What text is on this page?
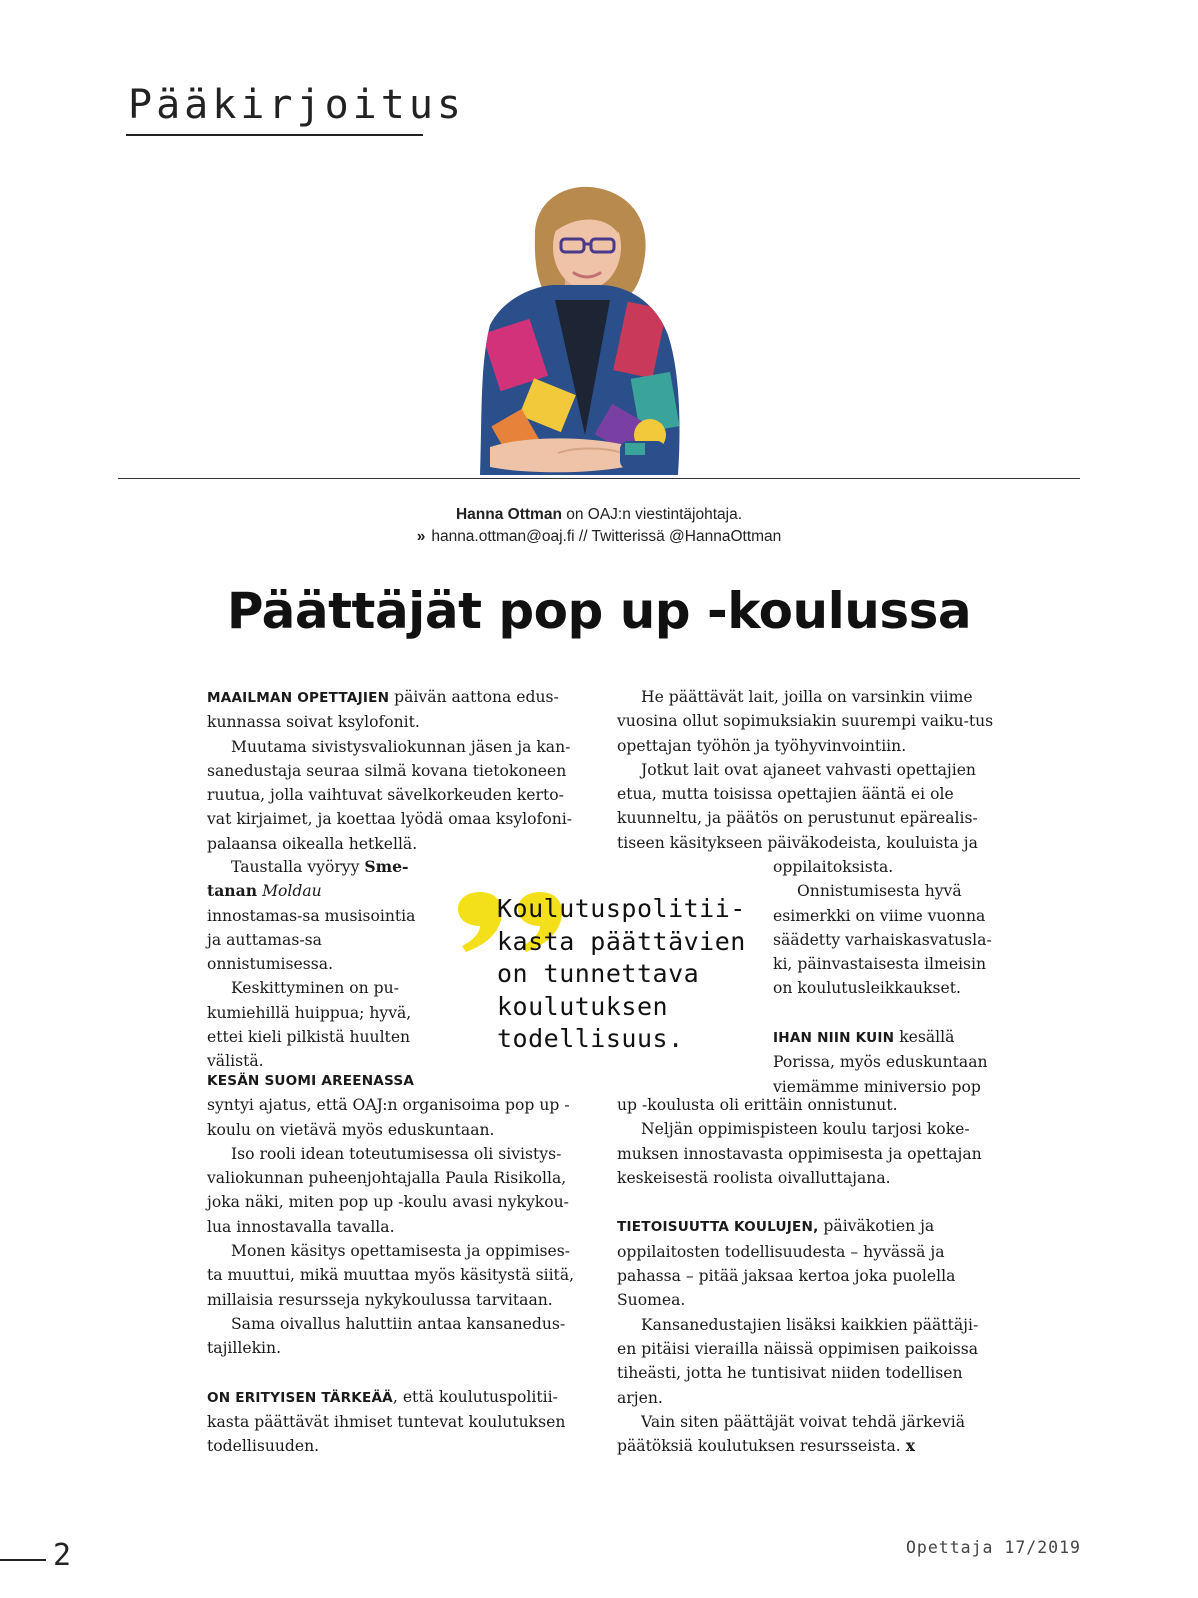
Pääkirjoitus
Hanna Ottman on OAJ:n viestintäjohtaja.
» hanna.ottman@oaj.fi // Twitterissä @HannaOttman
Päättäjät pop up -koulussa

MAAILMAN OPETTAJIEN päivän aattona edus-kunnassa soivat ksylofonit.

Muutama sivistysvaliokunnan jäsen ja kan-sanedustaja seuraa silmä kovana tietokoneen ruutua, jolla vaihtuvat sävelkorkeuden kerto-vat kirjaimet, ja koettaa lyödä omaa ksylofoni-palaansa oikealla hetkellä.

Taustalla vyöryy Sme-tanan Moldau innostamas-sa musisointia ja auttamas-sa onnistumisessa.

Keskittyminen on pu-kumiehillä huippua; hyvä, ettei kieli pilkistä huulten välistä.

KESÄN SUOMI AREENASSA

syntyi ajatus, että OAJ:n organisoima pop up -koulu on vietävä myös eduskuntaan.

Iso rooli idean toteutumisessa oli sivistys-valiokunnan puheenjohtajalla Paula Risikolla, joka näki, miten pop up -koulu avasi nykykou-lua innostavalla tavalla.

Monen käsitys opettamisesta ja oppimises-ta muuttui, mikä muuttaa myös käsitystä siitä, millaisia resursseja nykykoulussa tarvitaan.

Sama oivallus haluttiin antaa kansanedus-tajillekin.

ON ERITYISEN TÄRKEÄÄ, että koulutuspolitii-kasta päättävät ihmiset tuntevat koulutuksen todellisuuden.

He päättävät lait, joilla on varsinkin viime vuosina ollut sopimuksiakin suurempi vaiku-tus opettajan työhön ja työhyvinvointiin.

Jotkut lait ovat ajaneet vahvasti opettajien etua, mutta toisissa opettajien ääntä ei ole kuunneltu, ja päätös on perustunut epärealis-tiseen käsitykseen päiväkodeista, kouluista ja

oppilaitoksista.

Onnistumisesta hyvä esimerkki on viime vuonna säädetty varhaiskasvatusla-ki, päinvastaisesta ilmeisin on koulutusleikkaukset.

IHAN NIIN KUIN kesällä Porissa, myös eduskuntaan viemämme miniversio pop

up -koulusta oli erittäin onnistunut.

Neljän oppimispisteen koulu tarjosi koke-muksen innostavasta oppimisesta ja opettajan keskeisestä roolista oivalluttajana.

TIETOISUUTTA KOULUJEN, päiväkotien ja oppilaitosten todellisuudesta – hyvässä ja pahassa – pitää jaksaa kertoa joka puolella Suomea.

Kansanedustajien lisäksi kaikkien päättäji-en pitäisi vierailla näissä oppimisen paikoissa tiheästi, jotta he tuntisivat niiden todellisen arjen.

Vain siten päättäjät voivat tehdä järkeviä päätöksiä koulutuksen resursseista. x

Koulutuspolitii-
kasta päättävien
on tunnettava
koulutuksen
todellisuus.
2	Opettaja 17/2019
